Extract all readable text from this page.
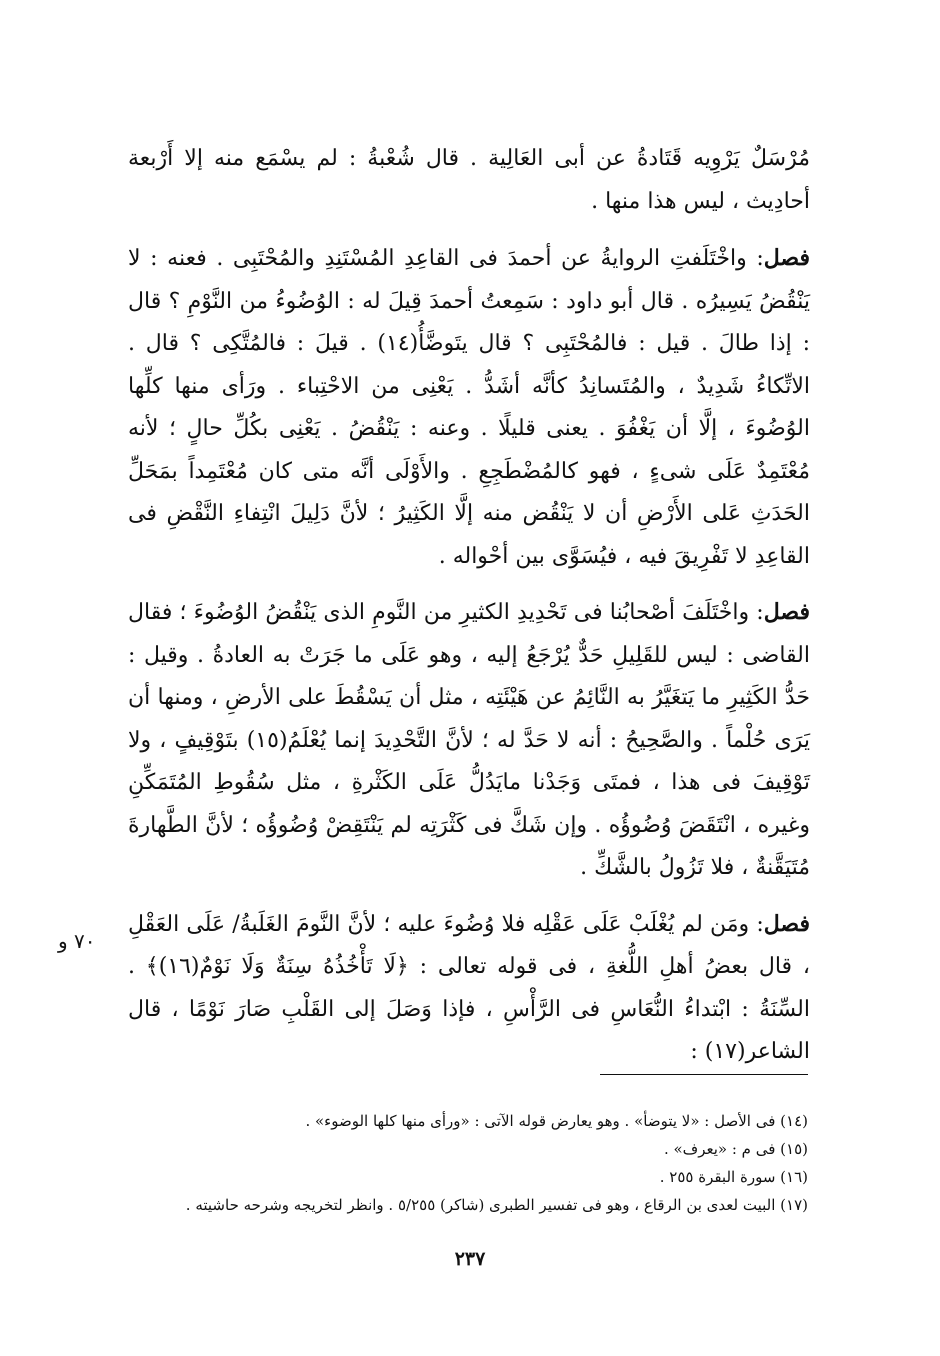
مُرْسَلٌ يَرْوِيه قَتَادةُ عن أبى العَالِية . قال شُعْبةُ : لم يسْمَع منه إلا أَرْبعة أحادِيث ، ليس هذا منها .

فصل: واخْتَلَفتِ الروايةُ عن أحمدَ فى القاعِدِ المُسْتَنِدِ والمُحْتَبِى . فعنه : لا يَنْقُضُ يَسِيرُه . قال أبو داود : سَمِعتُ أحمدَ قِيلَ له : الوُضُوءُ من النَّوْمِ ؟ قال : إذا طالَ . قيل : فالمُحْتَبِى ؟ قال يتَوضَّأُ(١٤) . قيلَ : فالمُتَّكِى ؟ قال . الاتِّكاءُ شَدِيدٌ ، والمُتَسانِدُ كأنَّه أشَدُّ . يَعْنِى من الاحْتِباء . ورَأى منها كلِّها الوُضُوءَ ، إلَّا أن يَغْفُوَ . يعنى قليلًا . وعنه : يَنْقُضُ . يَعْنِى بكُلِّ حالٍ ؛ لأنه مُعْتَمِدٌ عَلَى شىءٍ ، فهو كالمُضْطَجِعِ . والأَوْلَى أنَّه متى كان مُعْتَمِداً بمَحَلِّ الحَدَثِ عَلى الأَرْضِ أن لا يَنْقُض منه إلَّا الكَثِيرُ ؛ لأنَّ دَلِيلَ انْتِفاءِ النَّقْضِ فى القاعِدِ لا تَفْرِيقَ فيه ، فيُسَوَّى بين أحْواله .

فصل: واخْتَلَفَ أصْحابُنا فى تَحْدِيدِ الكثيرِ من النَّومِ الذى يَنْقُضُ الوُضُوءَ ؛ فقال القاضى : ليس للقَلِيلِ حَدٌّ يُرْجَعُ إليه ، وهو عَلَى ما جَرَتْ به العادةُ . وقيل : حَدُّ الكَثِيرِ ما يَتغَيَّرُ به النَّائِمُ عن هَيْئَتِه ، مثل أن يَسْقُطَ على الأرضِ ، ومنها أن يَرَى حُلْماً . والصَّحِيحُ : أنه لا حَدَّ له ؛ لأنَّ التَّحْدِيدَ إنما يُعْلَمُ(١٥) بتَوْقِيفٍ ، ولا تَوْقِيفَ فى هذا ، فمتَى وَجَدْنا مايَدُلُّ عَلَى الكَثْرةِ ، مثل سُقُوطِ المُتَمَكِّنِ وغيره ، انْتَقَضَ وُضُوؤُه . وإن شَكَّ فى كَثْرَتِه لم يَنْتَقِضْ وُضُوؤُه ؛ لأنَّ الطَّهارةَ مُتَيَقَّنةٌ ، فلا تَزُولُ بالشَّكِّ .

فصل: ومَن لم يُغْلَبْ عَلَى عَقْلِه فلا وُضُوءَ عليه ؛ لأنَّ النَّومَ الغَلَبةُ/ عَلَى العَقْلِ ، قال بعضُ أهلِ اللُّغةِ ، فى قوله تعالى : ﴿لَا تَأْخُذُهُ سِنَةٌ وَلَا نَوْمٌ(١٦)﴾ . السِّنَةُ : ابْتداءُ النُّعَاسِ فى الرَّأْسِ ، فإذا وَصَلَ إلى القَلْبِ صَارَ نَوْمًا ، قال الشاعر(١٧) :

٧٠ و

(١٤) فى الأصل : «لا يتوضأ» . وهو يعارض قوله الآتى : «ورأى منها كلها الوضوء» .

(١٥) فى م : «يعرف» .

(١٦) سورة البقرة ٢٥٥ .

(١٧) البيت لعدى بن الرقاع ، وهو فى تفسير الطبرى (شاكر) ٥/٢٥٥ . وانظر لتخريجه وشرحه حاشيته .

٢٣٧
